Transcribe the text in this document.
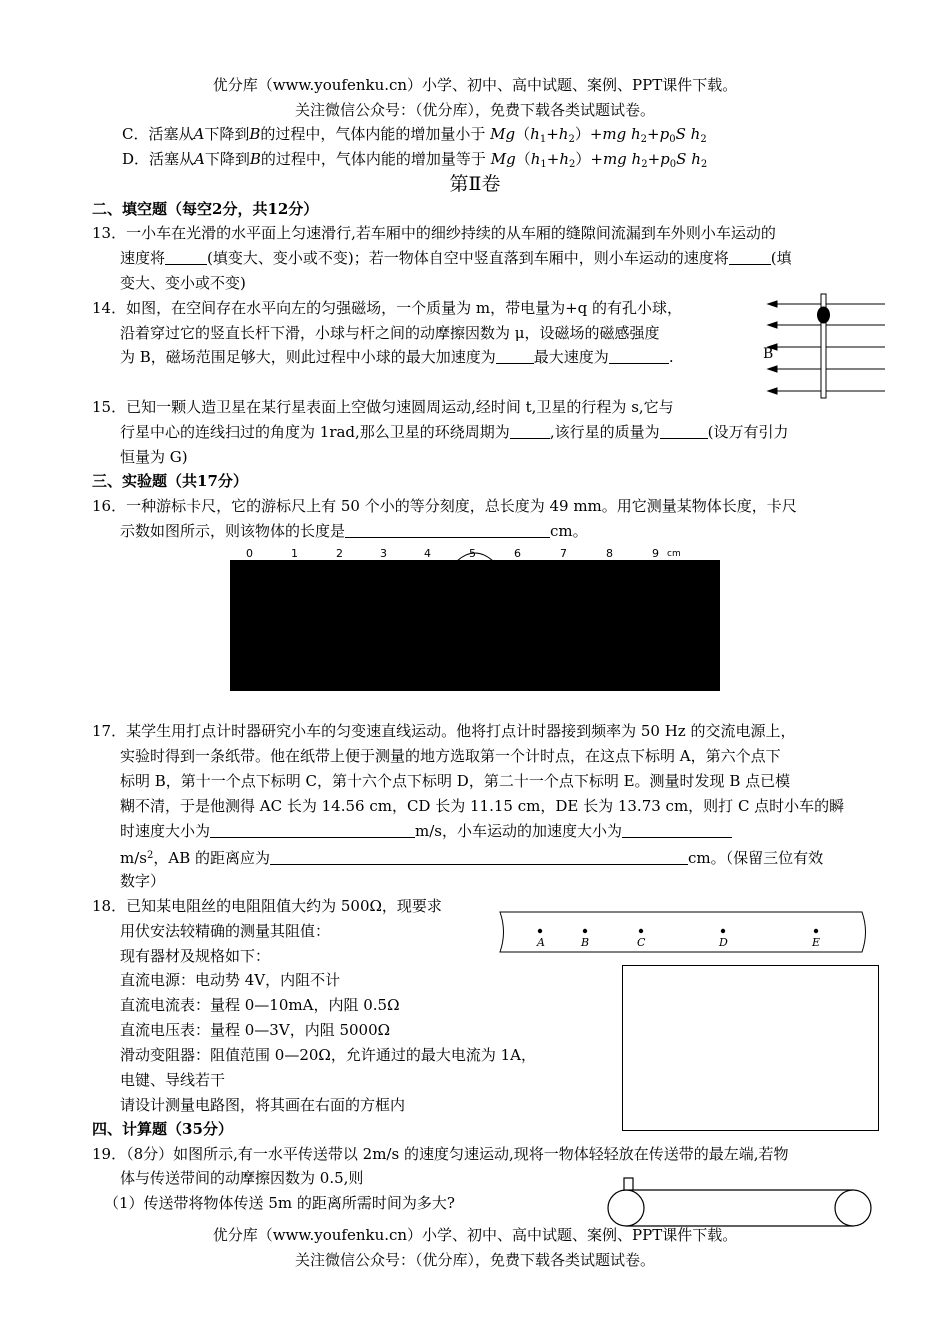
优分库（www.youfenku.cn）小学、初中、高中试题、案例、PPT课件下载。
关注微信公众号：（优分库），免费下载各类试题试卷。
C．活塞从A下降到B的过程中，气体内能的增加量小于 $Mg(h_1+h_2)+mg$ $h_2+p_0S$ $h_2$
D．活塞从A下降到B的过程中，气体内能的增加量等于 $Mg(h_1+h_2)+mg$ $h_2+p_0S$ $h_2$
第Ⅱ卷
二、填空题（每空2分，共12分）
13．一小车在光滑的水平面上匀速滑行,若车厢中的细纱持续的从车厢的缝隙间流漏到车外则小车运动的
速度将	(填变大、变小或不变)；若一物体自空中竖直落到车厢中，则小车运动的速度将	(填
变大、变小或不变)
14．如图，在空间存在水平向左的匀强磁场，一个质量为 m，带电量为+q 的有孔小球，
沿着穿过它的竖直长杆下滑，小球与杆之间的动摩擦因数为 μ，设磁场的磁感强度
为 B，磁场范围足够大，则此过程中小球的最大加速度为	最大速度为	.	B
15．已知一颗人造卫星在某行星表面上空做匀速圆周运动,经时间 t,卫星的行程为 s,它与
行星中心的连线扫过的角度为 1rad,那么卫星的环绕周期为	,该行星的质量为	(设万有引力
恒量为 G)
三、实验题（共17分）
16．一种游标卡尺，它的游标尺上有 50 个小的等分刻度，总长度为 49 mm。用它测量某物体长度，卡尺
示数如图所示，则该物体的长度是	cm。
0	1	2	3	4	5	6	7	8	9 cm
17．某学生用打点计时器研究小车的匀变速直线运动。他将打点计时器接到频率为 50 Hz 的交流电源上，
实验时得到一条纸带。他在纸带上便于测量的地方选取第一个计时点，在这点下标明 A，第六个点下
标明 B，第十一个点下标明 C，第十六个点下标明 D，第二十一个点下标明 E。测量时发现 B 点已模
糊不清，于是他测得 AC 长为 14.56 cm，CD 长为 11.15 cm，DE 长为 13.73 cm，则打 C 点时小车的瞬
时速度大小为	m/s，小车运动的加速度大小为
$m/s^2$，AB 的距离应为	cm。（保留三位有效
数字）
18．已知某电阻丝的电阻阻值大约为 500Ω，现要求
用伏安法较精确的测量其阻值：
现有器材及规格如下：
直流电源：电动势 4V，内阻不计
直流电流表：量程 0—10mA，内阻 0.5Ω
直流电压表：量程 0—3V，内阻 5000Ω
滑动变阻器：阻值范围 0—20Ω，允许通过的最大电流为 1A，
电键、导线若干
请设计测量电路图，将其画在右面的方框内
A	B	C	D	E
四、计算题（35分）
19．（8分）如图所示,有一水平传送带以 2m/s 的速度匀速运动,现将一物体轻轻放在传送带的最左端,若物
体与传送带间的动摩擦因数为 0.5,则
（1）传送带将物体传送 5m 的距离所需时间为多大?
优分库（www.youfenku.cn）小学、初中、高中试题、案例、PPT课件下载。
关注微信公众号：（优分库），免费下载各类试题试卷。
